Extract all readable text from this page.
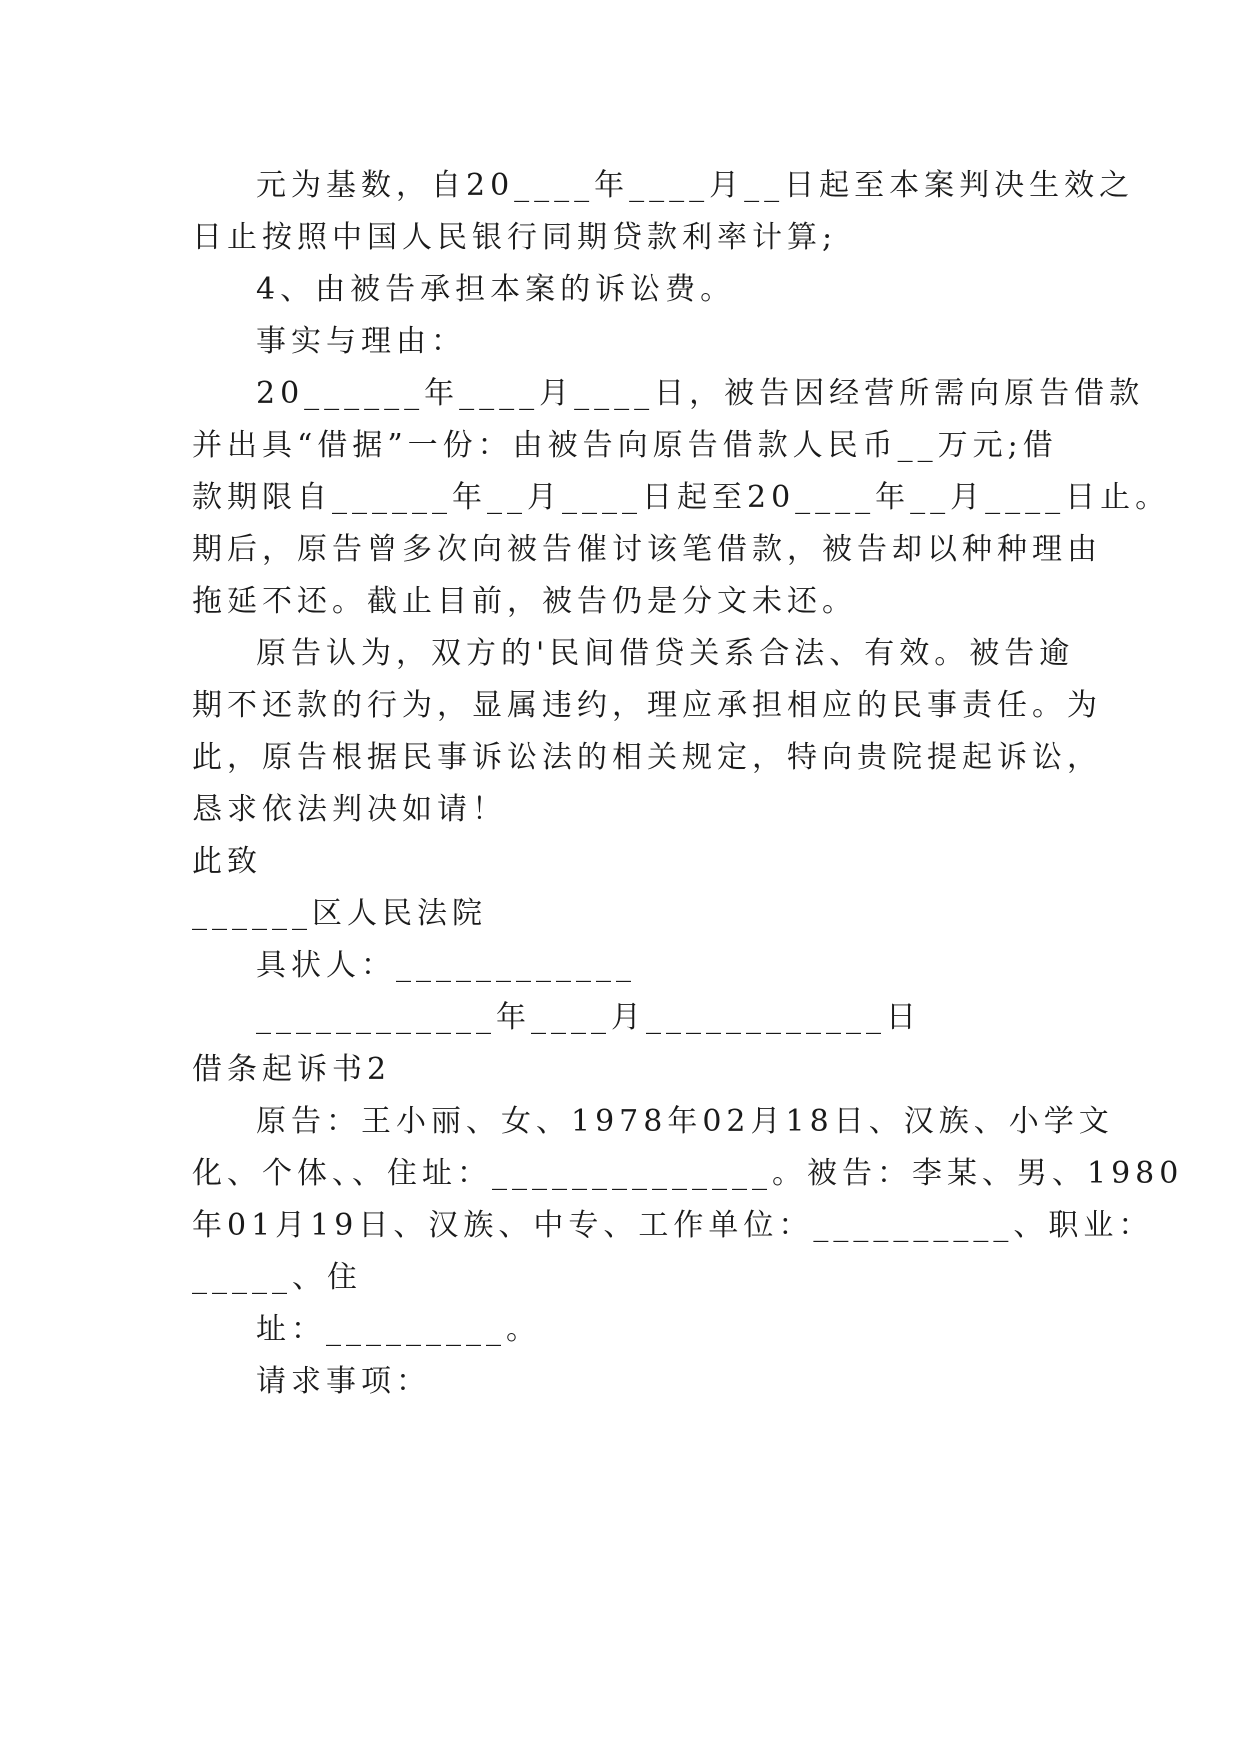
元为基数，自20____年____月__日起至本案判决生效之
日止按照中国人民银行同期贷款利率计算;
4、由被告承担本案的诉讼费。
事实与理由：
20______年____月____日，被告因经营所需向原告借款
并出具“借据”一份：由被告向原告借款人民币__万元;借
款期限自______年__月____日起至20____年__月____日止。
期后，原告曾多次向被告催讨该笔借款，被告却以种种理由
拖延不还。截止目前，被告仍是分文未还。
原告认为，双方的'民间借贷关系合法、有效。被告逾
期不还款的行为，显属违约，理应承担相应的民事责任。为
此，原告根据民事诉讼法的相关规定，特向贵院提起诉讼，
恳求依法判决如请！
此致
______区人民法院
具状人：____________
____________年____月____________日
借条起诉书2
原告：王小丽、女、1978年02月18日、汉族、小学文
化、个体、、住址：______________。被告：李某、男、1980
年01月19日、汉族、中专、工作单位：__________、职业：
_____、住
址：_________。
请求事项：
